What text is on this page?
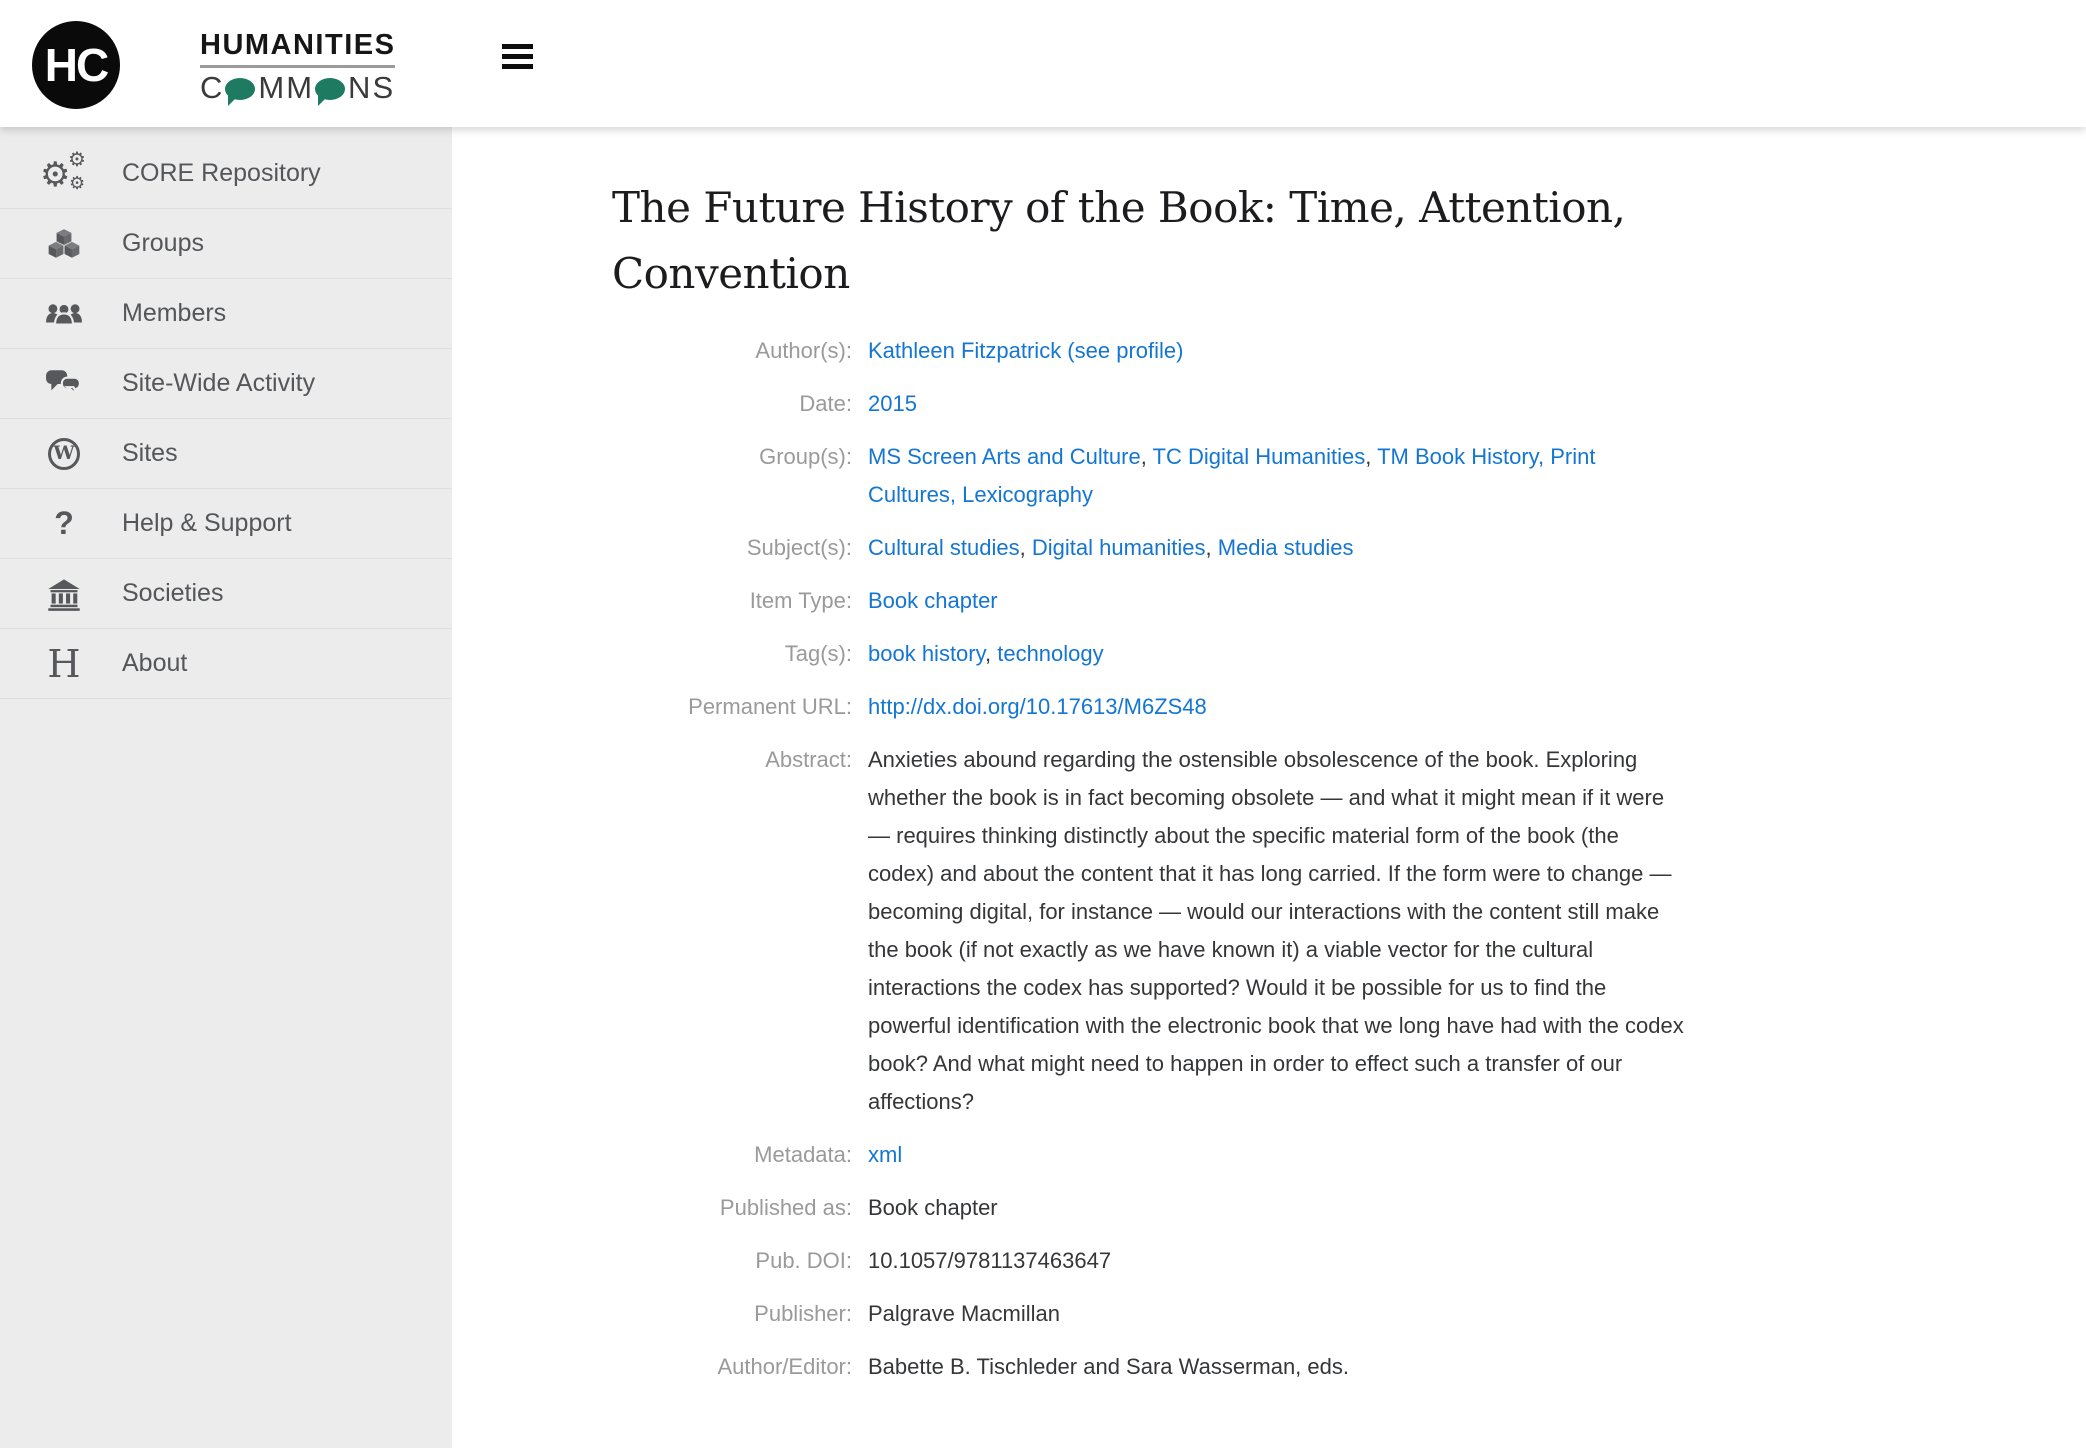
HC	HUMANITIES
C MM NS
⚙
⚙
⚙ CORE Repository
Groups
Members
Site-Wide Activity
W Sites
? Help & Support
Societies
H About
The Future History of the Book: Time, Attention, Convention
Author(s): Kathleen Fitzpatrick (see profile)
Date: 2015
Group(s): MS Screen Arts and Culture, TC Digital Humanities, TM Book History, Print Cultures, Lexicography
Subject(s): Cultural studies, Digital humanities, Media studies
Item Type: Book chapter
Tag(s): book history, technology
Permanent URL: http://dx.doi.org/10.17613/M6ZS48
Abstract: Anxieties abound regarding the ostensible obsolescence of the book. Exploring whether the book is in fact becoming obsolete — and what it might mean if it were — requires thinking distinctly about the specific material form of the book (the codex) and about the content that it has long carried. If the form were to change — becoming digital, for instance — would our interactions with the content still make the book (if not exactly as we have known it) a viable vector for the cultural interactions the codex has supported? Would it be possible for us to find the powerful identification with the electronic book that we long have had with the codex book? And what might need to happen in order to effect such a transfer of our affections?
Metadata: xml
Published as: Book chapter
Pub. DOI: 10.1057/9781137463647
Publisher: Palgrave Macmillan
Author/Editor: Babette B. Tischleder and Sara Wasserman, eds.
